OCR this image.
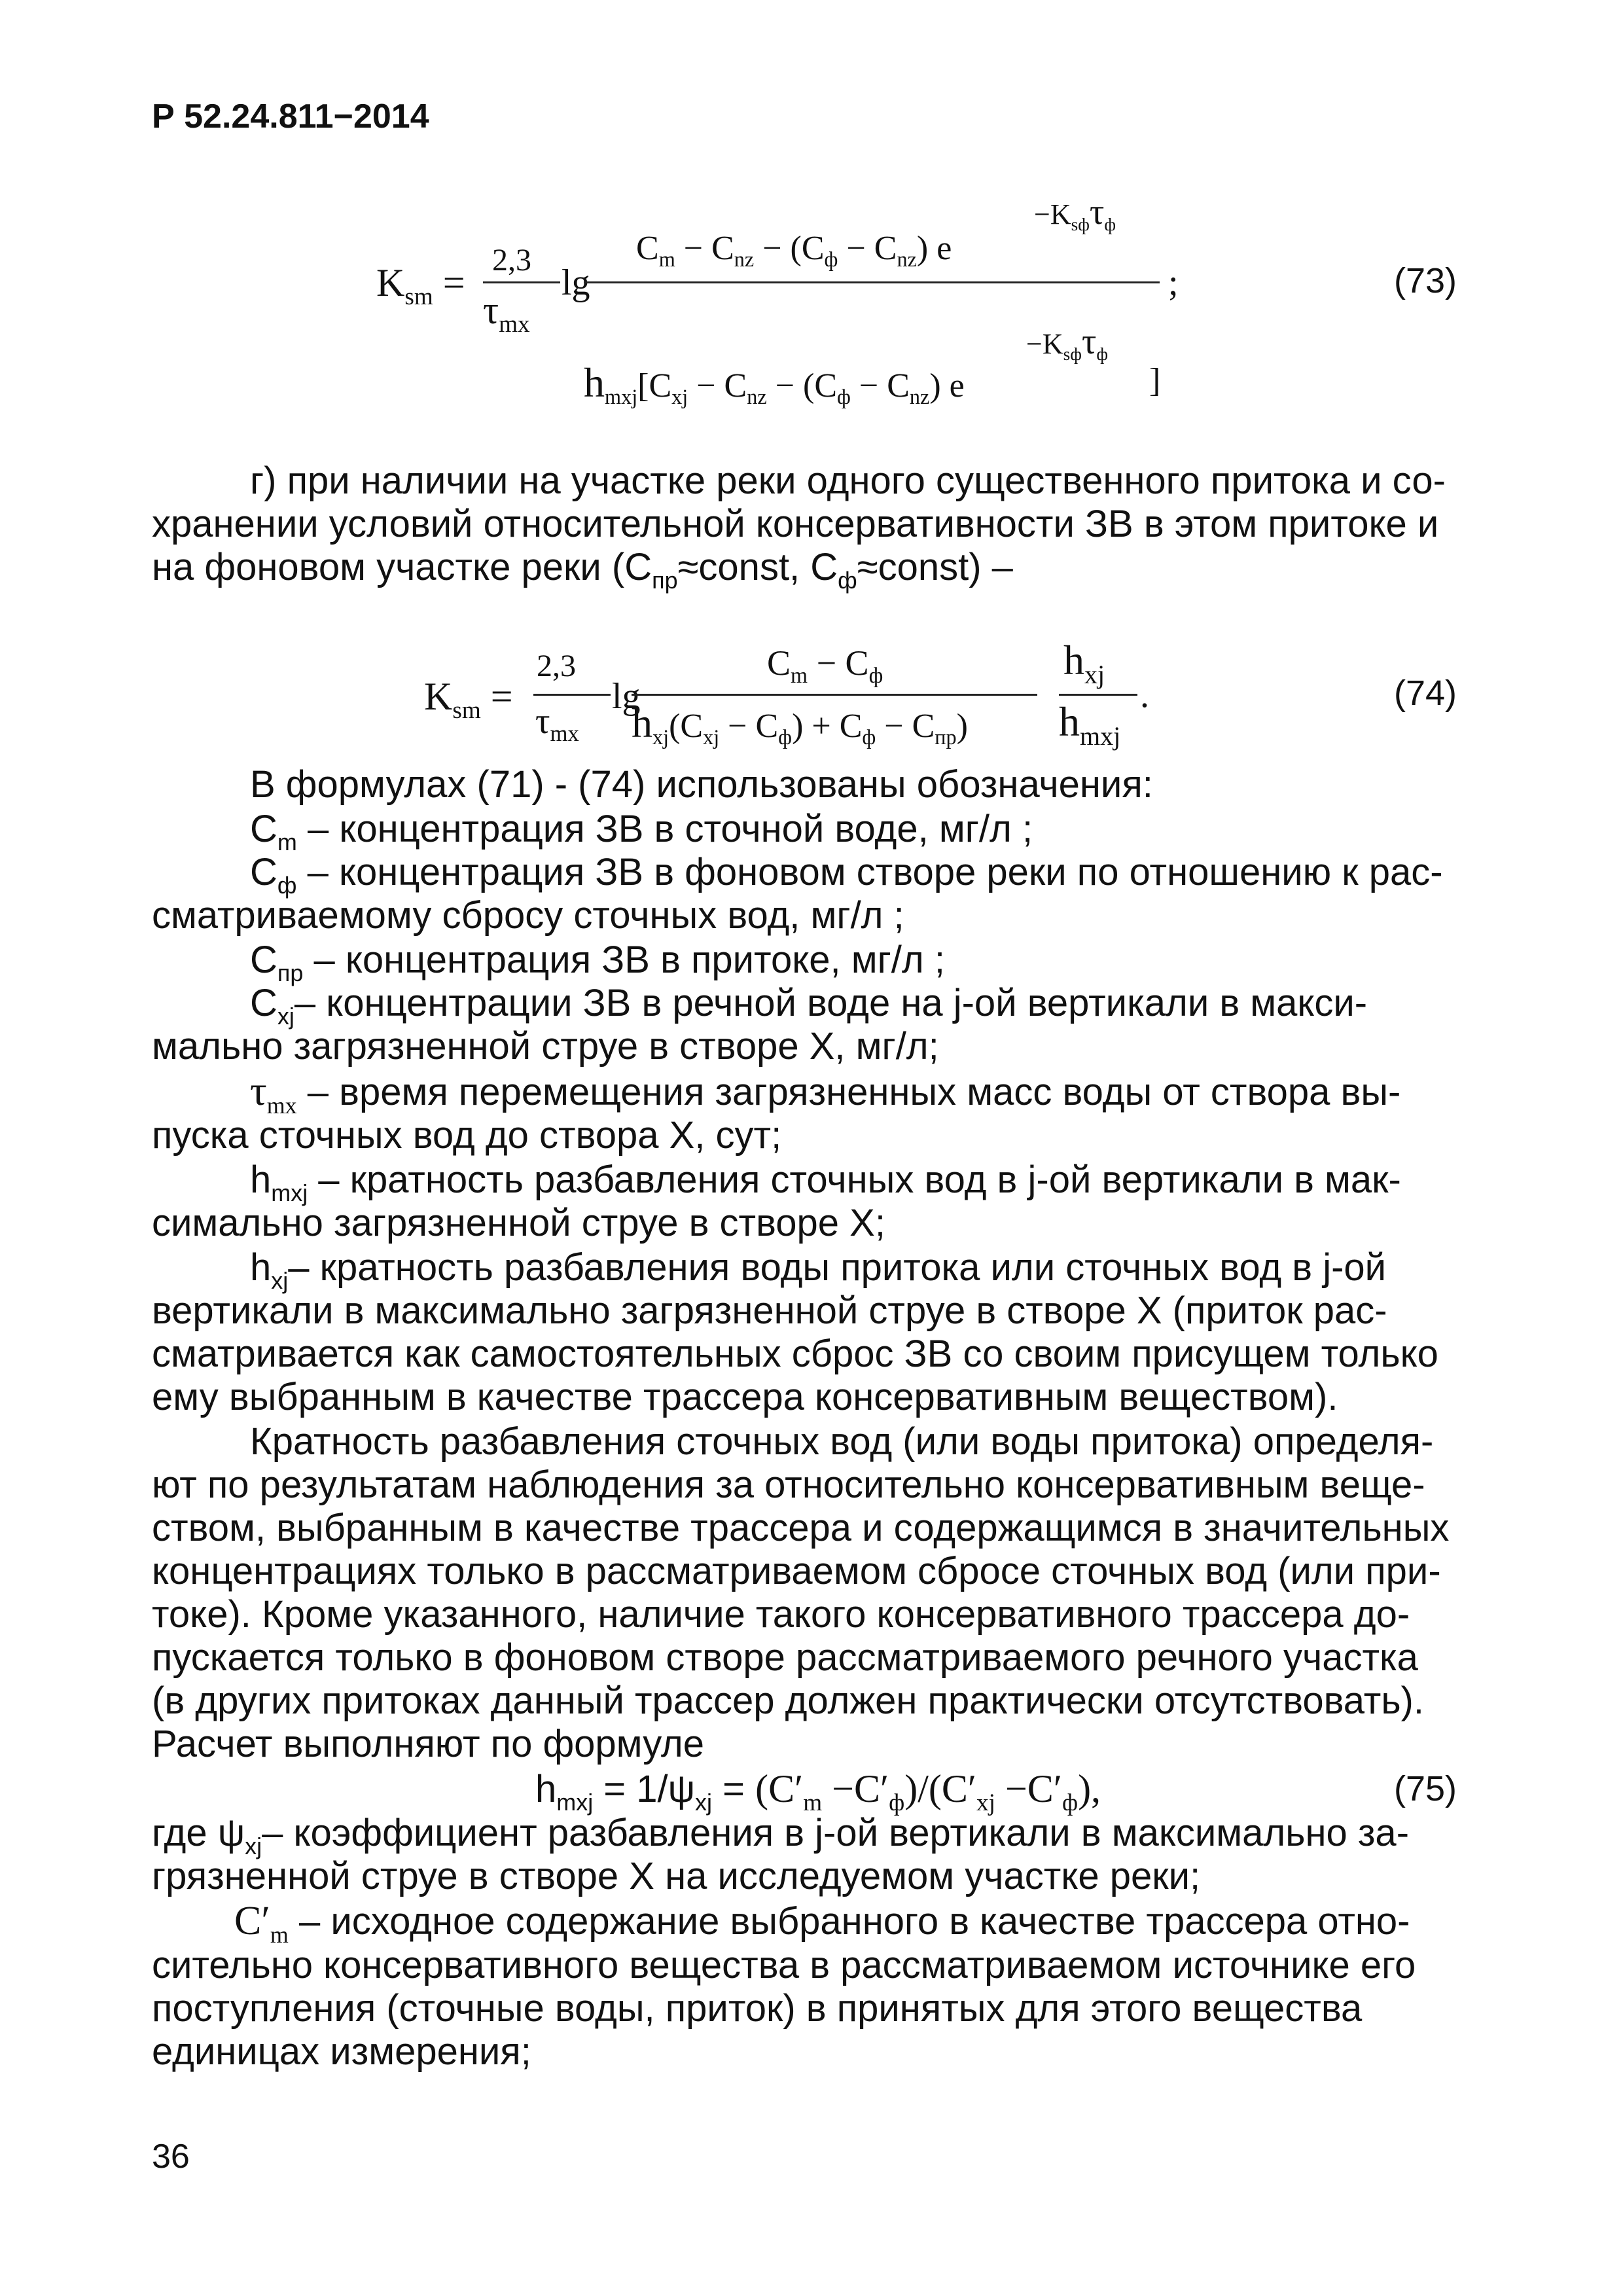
Р 52.24.811−2014
$K_{sm}$ =
2,3
$\tau_{mx}$
lg
$-K_{sф}\tau_ф$
$C_m - C_{nz} - (C_ф - C_{nz})$ e
;
$-K_{sф}\tau_ф$
$h_{mxj}[C_{xj} - C_{nz} - (C_ф - C_{nz})$ e	]
(73)
г) при наличии на участке реки одного существенного притока и со-
хранении условий относительной консервативности ЗВ в этом притоке и
на фоновом участке реки ($С_{пр}\approx const$, $С_ф\approx const$) –
$K_{sm}$ =
2,3
$\tau_{mx}$
lg
$C_m - C_ф$
$h_{xj}(C_{xj} - C_ф) + C_ф - C_{пр}$)
$h_{xj}$
$h_{mxj}$
.	(74)
В формулах (71) - (74) использованы обозначения:
$С_m$ – концентрация ЗВ в сточной воде, мг/л ;
$С_ф$ – концентрация ЗВ в фоновом створе реки по отношению к рас-
сматриваемому сбросу сточных вод, мг/л ;
$С_{пр}$ – концентрация ЗВ в притоке, мг/л ;
$С_{xj}-$ концентрации ЗВ в речной воде на j-ой вертикали в макси-
мально загрязненной струе в створе Х, мг/л;
$\tau_{mx}$ – время перемещения загрязненных масс воды от створа вы-
пуска сточных вод до створа Х, сут;
$h_{mxj}$ – кратность разбавления сточных вод в j-ой вертикали в мак-
симально загрязненной струе в створе Х;
$h_{xj}-$ кратность разбавления воды притока или сточных вод в j-ой
вертикали в максимально загрязненной струе в створе Х (приток рас-
сматривается как самостоятельных сброс ЗВ со своим присущем только
ему выбранным в качестве трассера консервативным веществом).
Кратность разбавления сточных вод (или воды притока) определя-
ют по результатам наблюдения за относительно консервативным веще-
ством, выбранным в качестве трассера и содержащимся в значительных
концентрациях только в рассматриваемом сбросе сточных вод (или при-
токе). Кроме указанного, наличие такого консервативного трассера до-
пускается только в фоновом створе рассматриваемого речного участка
(в других притоках данный трассер должен практически отсутствовать).
Расчет выполняют по формуле
$h_{mxj} = 1/\psi_{xj} = (C'_m -C'_ф)/(C'_{xj} -C'_ф)$,	(75)
где $\psi_{xj}-$ коэффициент разбавления в j-ой вертикали в максимально за-
грязненной струе в створе Х на исследуемом участке реки;
$C'_m$ – исходное содержание выбранного в качестве трассера отно-
сительно консервативного вещества в рассматриваемом источнике его
поступления (сточные воды, приток) в принятых для этого вещества
единицах измерения;
36
